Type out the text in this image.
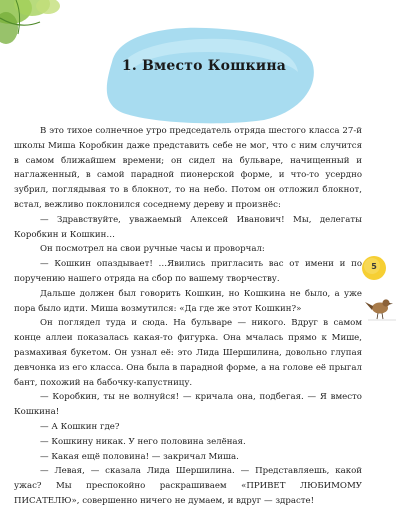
1. Вместо Кошкина

В это тихое солнечное утро председатель отряда шестого класса 27-й школы Миша Коробкин даже представить себе не мог, что с ним случится в самом ближайшем времени; он сидел на бульваре, начищенный и наглаженный, в самой парадной пионерской форме, и что-то усердно зубрил, поглядывая то в блокнот, то на небо. Потом он отложил блокнот, встал, вежливо поклонился соседнему дереву и произнёс:

— Здравствуйте, уважаемый Алексей Иванович! Мы, делегаты Коробкин и Кошкин…

Он посмотрел на свои ручные часы и проворчал:

— Кошкин опаздывает! …Явились пригласить вас от имени и по поручению нашего отряда на сбор по вашему творчеству.

Дальше должен был говорить Кошкин, но Кошкина не было, а уже пора было идти. Миша возмутился: «Да где же этот Кошкин?»

Он поглядел туда и сюда. На бульваре — никого. Вдруг в самом конце аллеи показалась какая-то фигурка. Она мчалась прямо к Мише, размахивая букетом. Он узнал её: это Лида Шершилина, довольно глупая девчонка из его класса. Она была в парадной форме, а на голове её прыгал бант, похожий на бабочку-капустницу.

— Коробкин, ты не волнуйся! — кричала она, подбегая. — Я вместо Кошкина!

— А Кошкин где?

— Кошкину никак. У него половина зелёная.

— Какая ещё половина! — закричал Миша.

— Левая, — сказала Лида Шершилина. — Представляешь, какой ужас? Мы преспокойно раскрашиваем «ПРИВЕТ ЛЮБИМОМУ ПИСАТЕЛЮ», совершенно ничего не думаем, и вдруг — здрасте!

5
